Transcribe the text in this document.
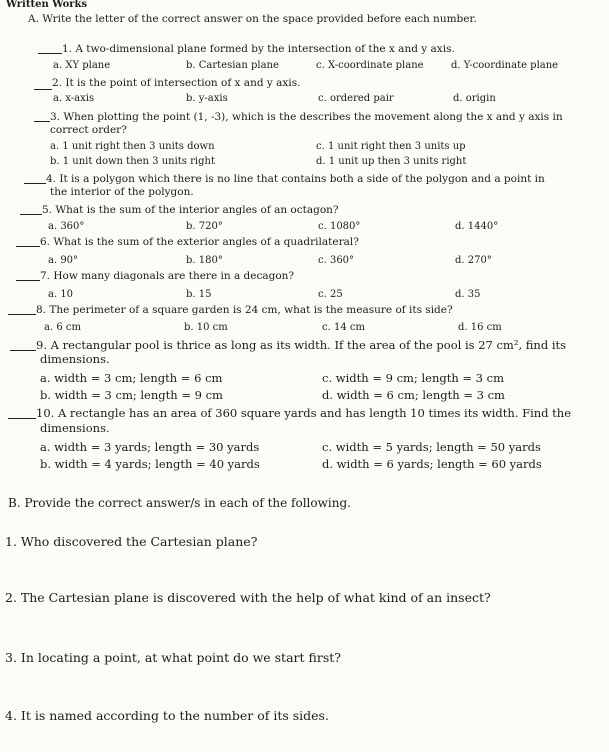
Written Works
A. Write the letter of the correct answer on the space provided before each number.
1. A two-dimensional plane formed by the intersection of the x and y axis.
a. XY plane	b. Cartesian plane	c. X-coordinate plane	d. Y-coordinate plane
2. It is the point of intersection of x and y axis.
a. x-axis	b. y-axis	c. ordered pair	d. origin
3. When plotting the point (1, -3), which is the describes the movement along the x and y axis in
correct order?
a. 1 unit right then 3 units down	c. 1 unit right then 3 units up
b. 1 unit down then 3 units right	d. 1 unit up then 3 units right
4. It is a polygon which there is no line that contains both a side of the polygon and a point in
the interior of the polygon.
5. What is the sum of the interior angles of an octagon?
a. 360°	b. 720°	c. 1080°	d. 1440°
6. What is the sum of the exterior angles of a quadrilateral?
a. 90°	b. 180°	c. 360°	d. 270°
7. How many diagonals are there in a decagon?
a. 10	b. 15	c. 25	d. 35
8. The perimeter of a square garden is 24 cm, what is the measure of its side?
a. 6 cm	b. 10 cm	c. 14 cm	d. 16 cm
9. A rectangular pool is thrice as long as its width. If the area of the pool is 27 cm², find its
dimensions.
a. width = 3 cm; length = 6 cm	c. width = 9 cm; length = 3 cm
b. width = 3 cm; length = 9 cm	d. width = 6 cm; length = 3 cm
10. A rectangle has an area of 360 square yards and has length 10 times its width. Find the
dimensions.
a. width = 3 yards; length = 30 yards	c. width = 5 yards; length = 50 yards
b. width = 4 yards; length = 40 yards	d. width = 6 yards; length = 60 yards
B. Provide the correct answer/s in each of the following.
1. Who discovered the Cartesian plane?
2. The Cartesian plane is discovered with the help of what kind of an insect?
3. In locating a point, at what point do we start first?
4. It is named according to the number of its sides.
